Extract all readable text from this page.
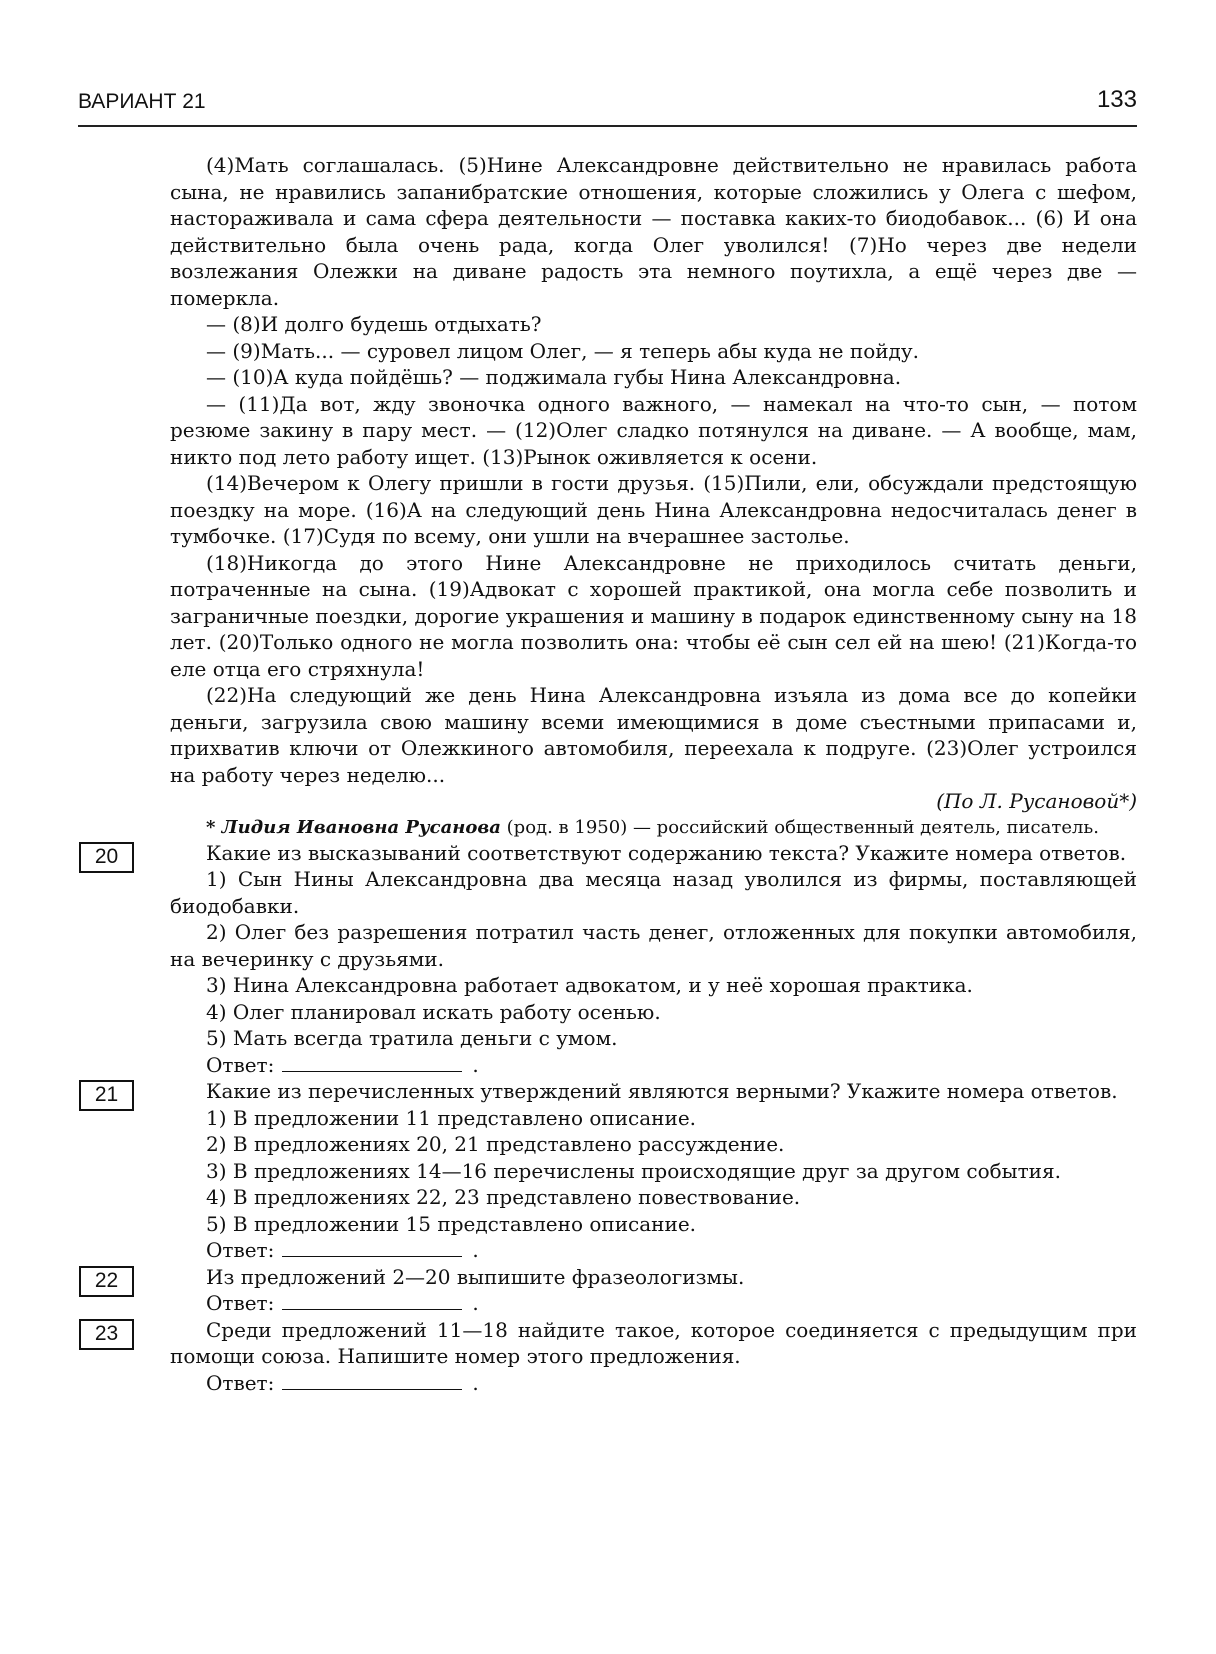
ВАРИАНТ 21	133

(4)Мать соглашалась. (5)Нине Александровне действительно не нравилась работа сына, не нравились запанибратские отношения, которые сложились у Олега с шефом, настораживала и сама сфера деятельности — поставка каких-то биодобавок... (6) И она действительно была очень рада, когда Олег уволился! (7)Но через две недели возлежания Олежки на диване радость эта немного поутихла, а ещё через две — померкла.

— (8)И долго будешь отдыхать?

— (9)Мать... — суровел лицом Олег, — я теперь абы куда не пойду.

— (10)А куда пойдёшь? — поджимала губы Нина Александровна.

— (11)Да вот, жду звоночка одного важного, — намекал на что-то сын, — потом резюме закину в пару мест. — (12)Олег сладко потянулся на диване. — А вообще, мам, никто под лето работу ищет. (13)Рынок оживляется к осени.

(14)Вечером к Олегу пришли в гости друзья. (15)Пили, ели, обсуждали предстоящую поездку на море. (16)А на следующий день Нина Александровна недосчиталась денег в тумбочке. (17)Судя по всему, они ушли на вчерашнее застолье.

(18)Никогда до этого Нине Александровне не приходилось считать деньги, потраченные на сына. (19)Адвокат с хорошей практикой, она могла себе позволить и заграничные поездки, дорогие украшения и машину в подарок единственному сыну на 18 лет. (20)Только одного не могла позволить она: чтобы её сын сел ей на шею! (21)Когда-то еле отца его стряхнула!

(22)На следующий же день Нина Александровна изъяла из дома все до копейки деньги, загрузила свою машину всеми имеющимися в доме съестными припасами и, прихватив ключи от Олежкиного автомобиля, переехала к подруге. (23)Олег устроился на работу через неделю...

(По Л. Русановой*)

* Лидия Ивановна Русанова (род. в 1950) — российский общественный деятель, писатель.

20	Какие из высказываний соответствуют содержанию текста? Укажите номера ответов.

1) Сын Нины Александровна два месяца назад уволился из фирмы, поставляющей биодобавки.

2) Олег без разрешения потратил часть денег, отложенных для покупки автомобиля, на вечеринку с друзьями.

3) Нина Александровна работает адвокатом, и у неё хорошая практика.

4) Олег планировал искать работу осенью.

5) Мать всегда тратила деньги с умом.

Ответ:	.

21	Какие из перечисленных утверждений являются верными? Укажите номера ответов.

1) В предложении 11 представлено описание.

2) В предложениях 20, 21 представлено рассуждение.

3) В предложениях 14—16 перечислены происходящие друг за другом события.

4) В предложениях 22, 23 представлено повествование.

5) В предложении 15 представлено описание.

Ответ:	.

22	Из предложений 2—20 выпишите фразеологизмы.

Ответ:	.

23	Среди предложений 11—18 найдите такое, которое соединяется с предыдущим при помощи союза. Напишите номер этого предложения.

Ответ:	.
